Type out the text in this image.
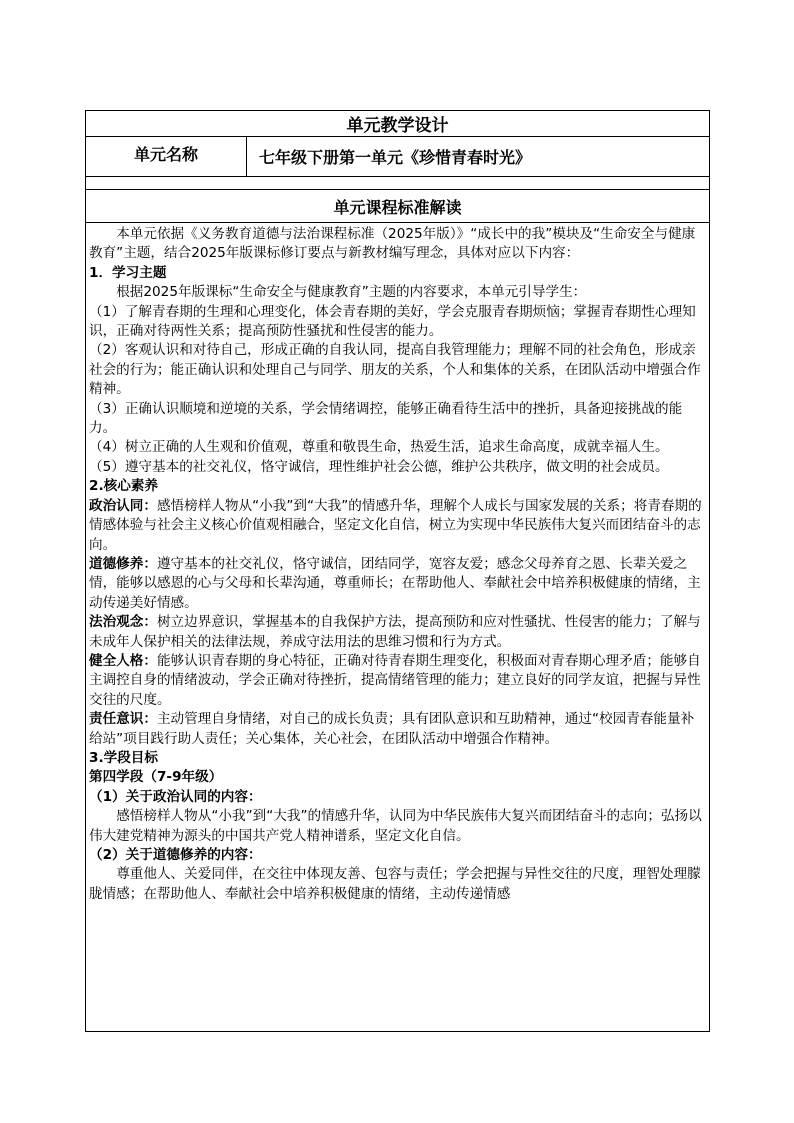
单元教学设计
单元名称	七年级下册第一单元《珍惜青春时光》
单元课程标准解读

本单元依据《义务教育道德与法治课程标准（2025年版）》“成长中的我”模块及“生命安全与健康教育”主题，结合2025年版课标修订要点与新教材编写理念，具体对应以下内容：

1．学习主题

根据2025年版课标“生命安全与健康教育”主题的内容要求，本单元引导学生：

（1）了解青春期的生理和心理变化，体会青春期的美好，学会克服青春期烦恼；掌握青春期性心理知识，正确对待两性关系；提高预防性骚扰和性侵害的能力。

（2）客观认识和对待自己，形成正确的自我认同，提高自我管理能力；理解不同的社会角色，形成亲社会的行为；能正确认识和处理自己与同学、朋友的关系，个人和集体的关系，在团队活动中增强合作精神。

（3）正确认识顺境和逆境的关系，学会情绪调控，能够正确看待生活中的挫折，具备迎接挑战的能力。

（4）树立正确的人生观和价值观，尊重和敬畏生命，热爱生活，追求生命高度，成就幸福人生。

（5）遵守基本的社交礼仪，恪守诚信，理性维护社会公德，维护公共秩序，做文明的社会成员。

2.核心素养

政治认同：感悟榜样人物从“小我”到“大我”的情感升华，理解个人成长与国家发展的关系；将青春期的情感体验与社会主义核心价值观相融合，坚定文化自信，树立为实现中华民族伟大复兴而团结奋斗的志向。

道德修养：遵守基本的社交礼仪，恪守诚信，团结同学，宽容友爱；感念父母养育之恩、长辈关爱之情，能够以感恩的心与父母和长辈沟通，尊重师长；在帮助他人、奉献社会中培养积极健康的情绪，主动传递美好情感。

法治观念：树立边界意识，掌握基本的自我保护方法，提高预防和应对性骚扰、性侵害的能力；了解与未成年人保护相关的法律法规，养成守法用法的思维习惯和行为方式。

健全人格：能够认识青春期的身心特征，正确对待青春期生理变化，积极面对青春期心理矛盾；能够自主调控自身的情绪波动，学会正确对待挫折，提高情绪管理的能力；建立良好的同学友谊，把握与异性交往的尺度。

责任意识：主动管理自身情绪，对自己的成长负责；具有团队意识和互助精神，通过“校园青春能量补给站”项目践行助人责任；关心集体，关心社会，在团队活动中增强合作精神。

3.学段目标

第四学段（7-9年级）

（1）关于政治认同的内容：

感悟榜样人物从“小我”到“大我”的情感升华，认同为中华民族伟大复兴而团结奋斗的志向；弘扬以伟大建党精神为源头的中国共产党人精神谱系，坚定文化自信。

（2）关于道德修养的内容：

尊重他人、关爱同伴，在交往中体现友善、包容与责任；学会把握与异性交往的尺度，理智处理朦胧情感；在帮助他人、奉献社会中培养积极健康的情绪，主动传递情感
